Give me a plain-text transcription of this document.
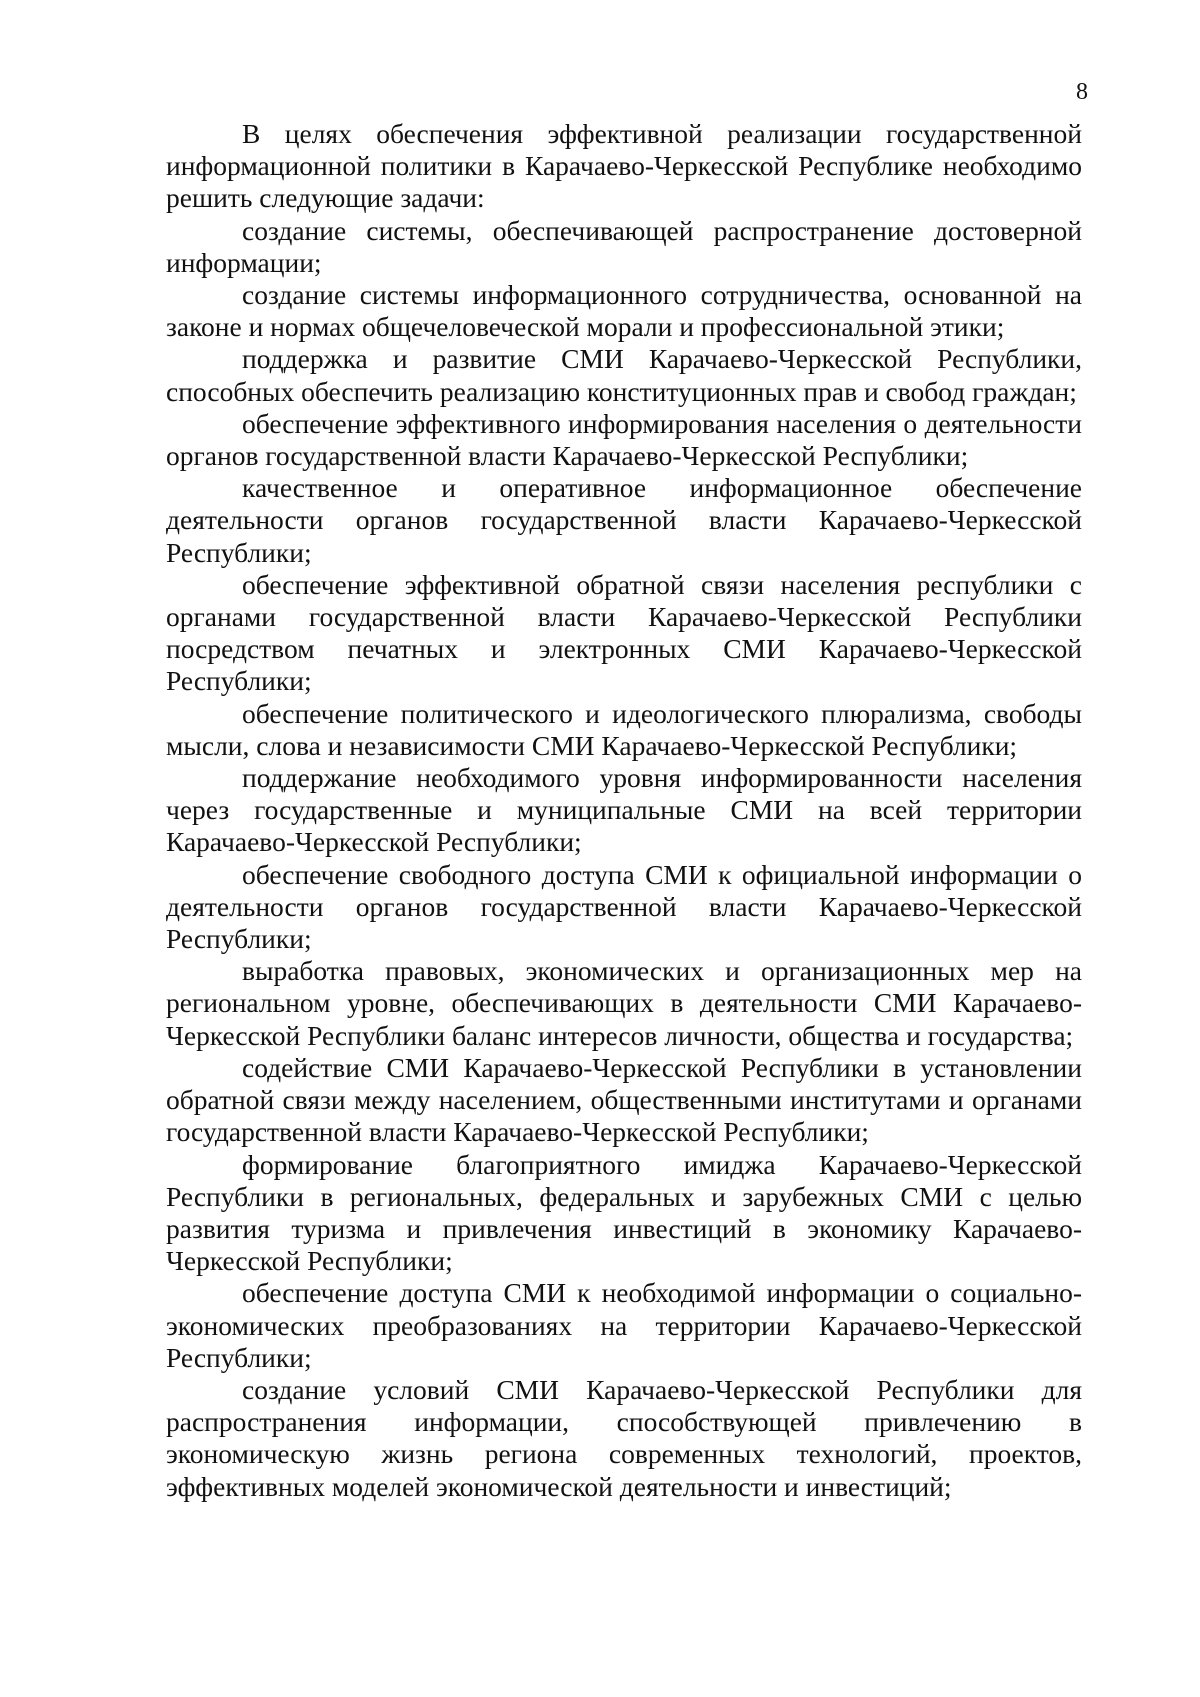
8

В целях обеспечения эффективной реализации государственной информационной политики в Карачаево-Черкесской Республике необходимо решить следующие задачи:

создание системы, обеспечивающей распространение достоверной информации;

создание системы информационного сотрудничества, основанной на законе и нормах общечеловеческой морали и профессиональной этики;

поддержка и развитие СМИ Карачаево-Черкесской Республики, способных обеспечить реализацию конституционных прав и свобод граждан;

обеспечение эффективного информирования населения о деятельности органов государственной власти Карачаево-Черкесской Республики;

качественное и оперативное информационное обеспечение деятельности органов государственной власти Карачаево-Черкесской Республики;

обеспечение эффективной обратной связи населения республики с органами государственной власти Карачаево-Черкесской Республики посредством печатных и электронных СМИ Карачаево-Черкесской Республики;

обеспечение политического и идеологического плюрализма, свободы мысли, слова и независимости СМИ Карачаево-Черкесской Республики;

поддержание необходимого уровня информированности населения через государственные и муниципальные СМИ на всей территории Карачаево-Черкесской Республики;

обеспечение свободного доступа СМИ к официальной информации о деятельности органов государственной власти Карачаево-Черкесской Республики;

выработка правовых, экономических и организационных мер на региональном уровне, обеспечивающих в деятельности СМИ Карачаево-Черкесской Республики баланс интересов личности, общества и государства;

содействие СМИ Карачаево-Черкесской Республики в установлении обратной связи между населением, общественными институтами и органами государственной власти Карачаево-Черкесской Республики;

формирование благоприятного имиджа Карачаево-Черкесской Республики в региональных, федеральных и зарубежных СМИ с целью развития туризма и привлечения инвестиций в экономику Карачаево-Черкесской Республики;

обеспечение доступа СМИ к необходимой информации о социально-экономических преобразованиях на территории Карачаево-Черкесской Республики;

создание условий СМИ Карачаево-Черкесской Республики для распространения информации, способствующей привлечению в экономическую жизнь региона современных технологий, проектов, эффективных моделей экономической деятельности и инвестиций;
